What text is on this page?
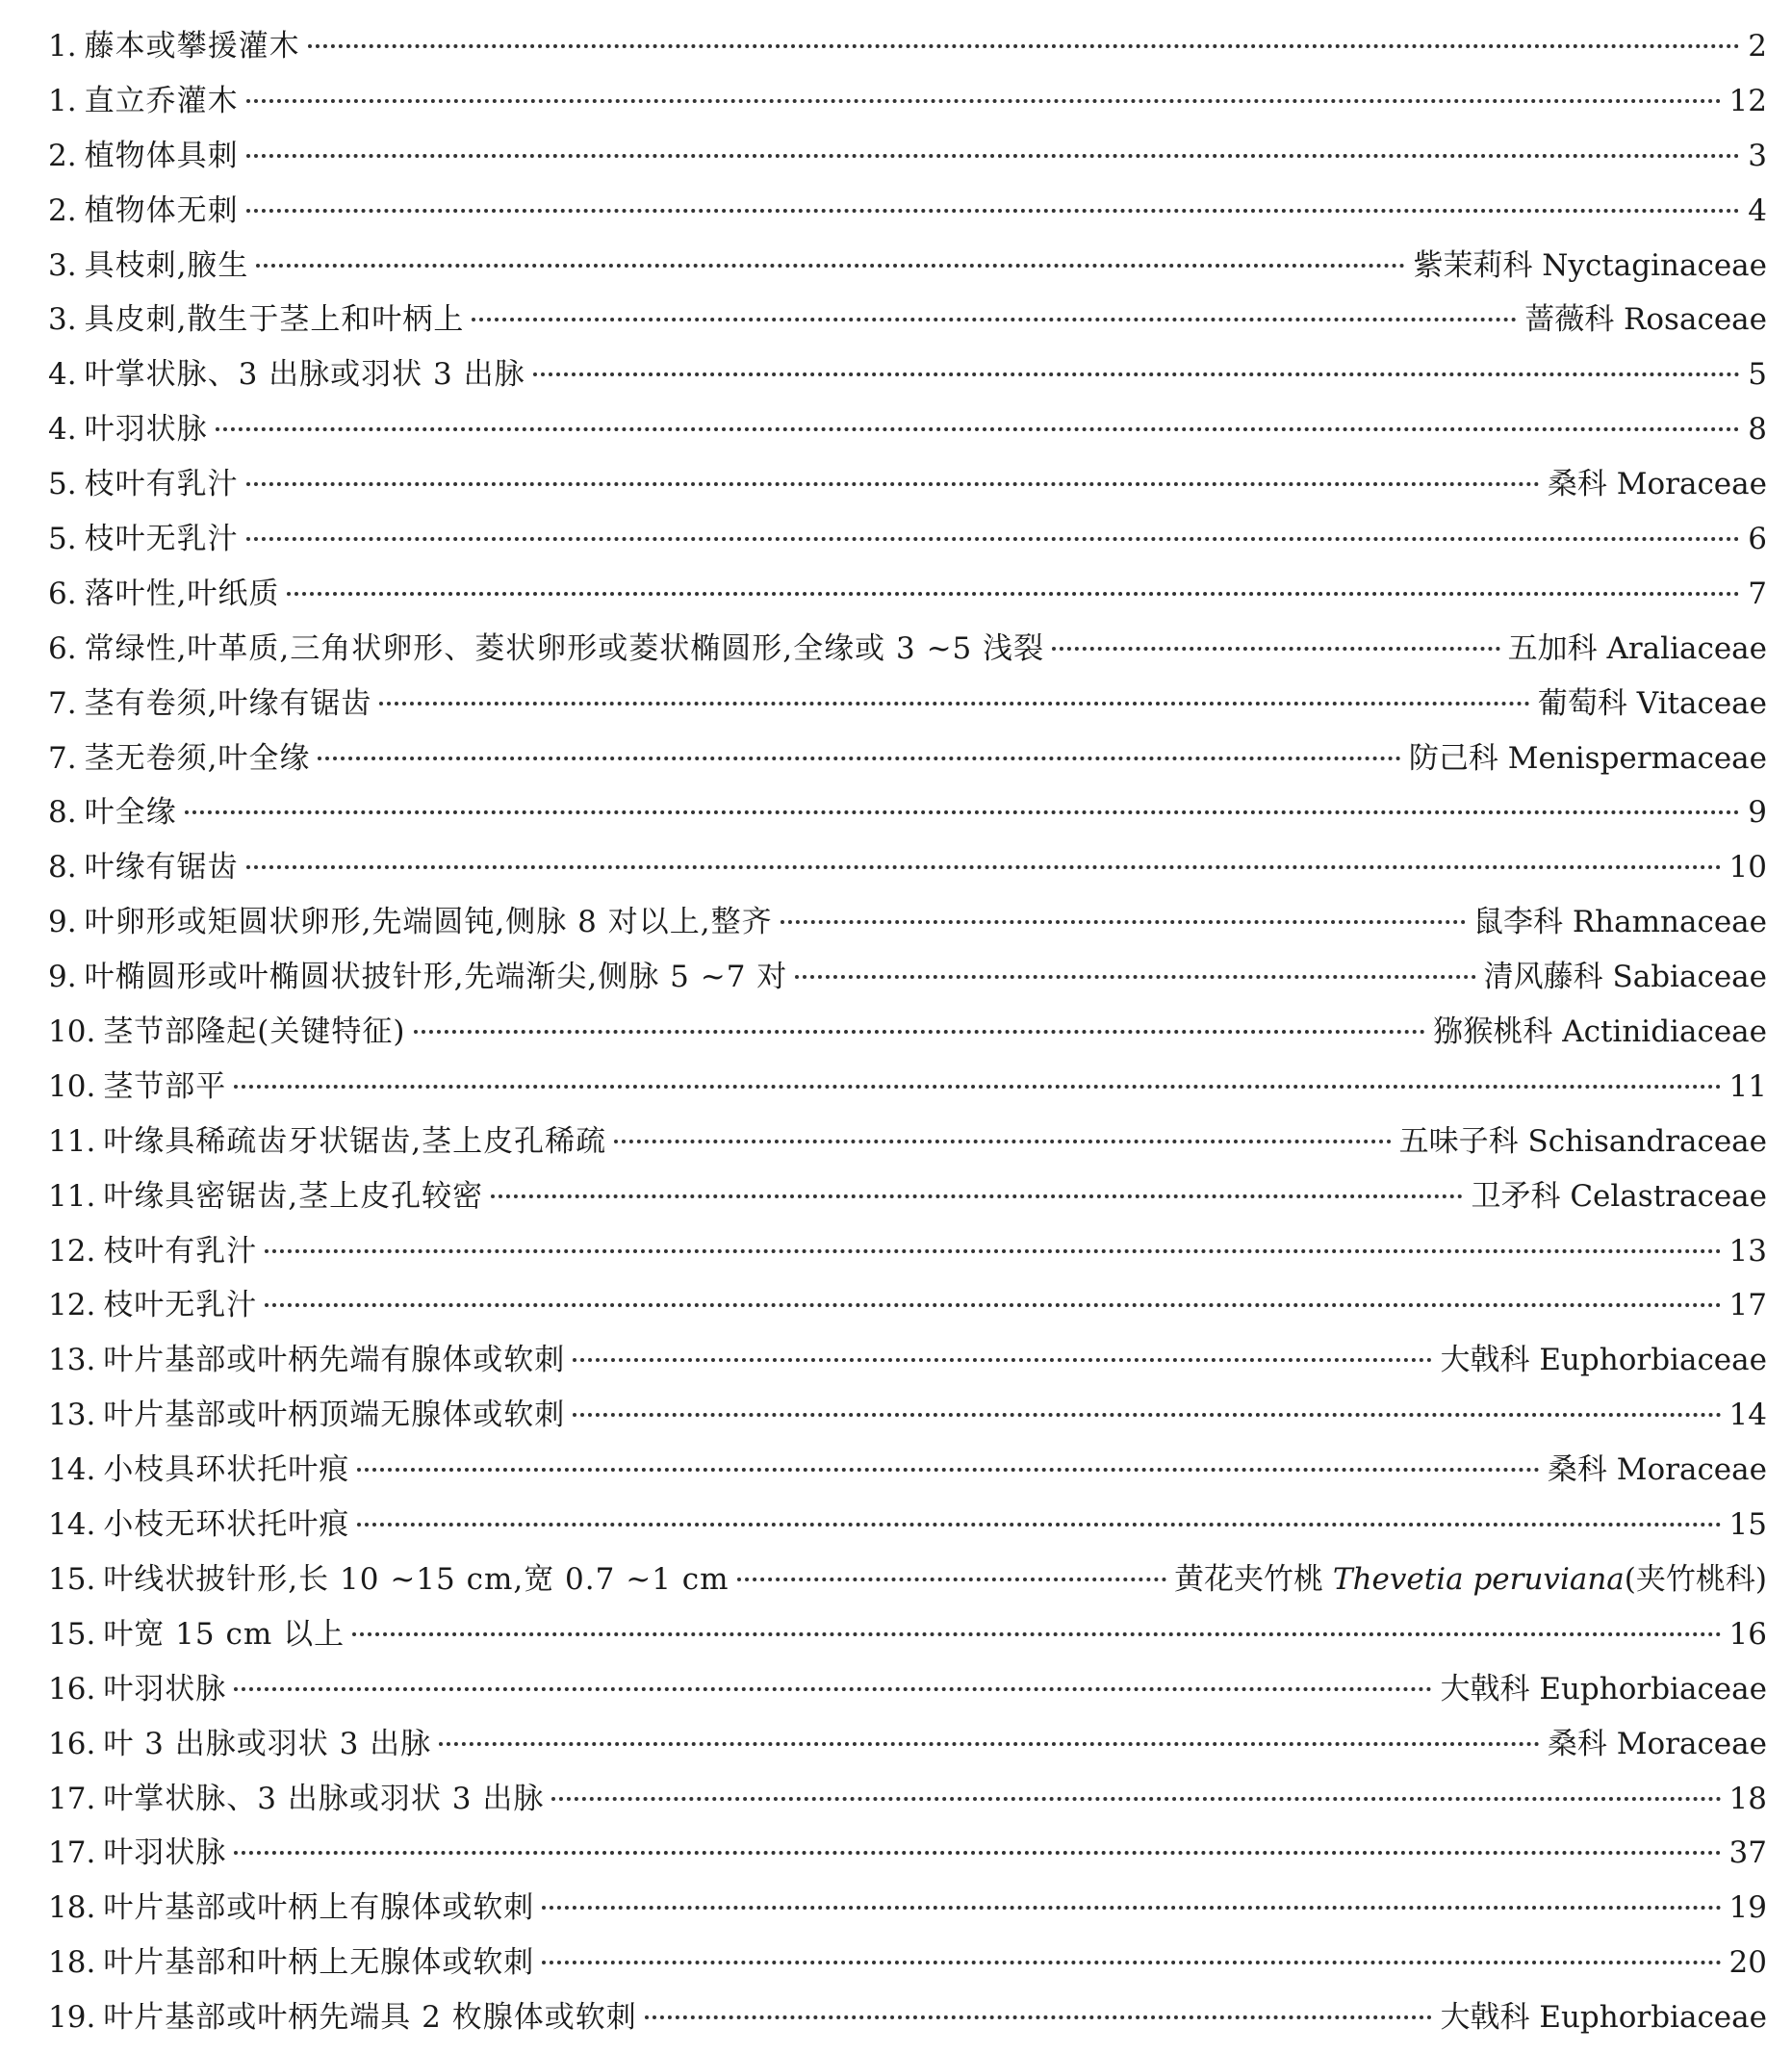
1. 藤本或攀援灌木	2
1. 直立乔灌木	12
2. 植物体具刺	3
2. 植物体无刺	4
3. 具枝刺,腋生	紫茉莉科 Nyctaginaceae
3. 具皮刺,散生于茎上和叶柄上	蔷薇科 Rosaceae
4. 叶掌状脉、3 出脉或羽状 3 出脉	5
4. 叶羽状脉	8
5. 枝叶有乳汁	桑科 Moraceae
5. 枝叶无乳汁	6
6. 落叶性,叶纸质	7
6. 常绿性,叶革质,三角状卵形、菱状卵形或菱状椭圆形,全缘或 3 ~5 浅裂	五加科 Araliaceae
7. 茎有卷须,叶缘有锯齿	葡萄科 Vitaceae
7. 茎无卷须,叶全缘	防己科 Menispermaceae
8. 叶全缘	9
8. 叶缘有锯齿	10
9. 叶卵形或矩圆状卵形,先端圆钝,侧脉 8 对以上,整齐	鼠李科 Rhamnaceae
9. 叶椭圆形或叶椭圆状披针形,先端渐尖,侧脉 5 ~7 对	清风藤科 Sabiaceae
10. 茎节部隆起(关键特征)	猕猴桃科 Actinidiaceae
10. 茎节部平	11
11. 叶缘具稀疏齿牙状锯齿,茎上皮孔稀疏	五味子科 Schisandraceae
11. 叶缘具密锯齿,茎上皮孔较密	卫矛科 Celastraceae
12. 枝叶有乳汁	13
12. 枝叶无乳汁	17
13. 叶片基部或叶柄先端有腺体或软刺	大戟科 Euphorbiaceae
13. 叶片基部或叶柄顶端无腺体或软刺	14
14. 小枝具环状托叶痕	桑科 Moraceae
14. 小枝无环状托叶痕	15
15. 叶线状披针形,长 10 ~15 cm,宽 0.7 ~1 cm	黄花夹竹桃 Thevetia peruviana(夹竹桃科)
15. 叶宽 15 cm 以上	16
16. 叶羽状脉	大戟科 Euphorbiaceae
16. 叶 3 出脉或羽状 3 出脉	桑科 Moraceae
17. 叶掌状脉、3 出脉或羽状 3 出脉	18
17. 叶羽状脉	37
18. 叶片基部或叶柄上有腺体或软刺	19
18. 叶片基部和叶柄上无腺体或软刺	20
19. 叶片基部或叶柄先端具 2 枚腺体或软刺	大戟科 Euphorbiaceae
